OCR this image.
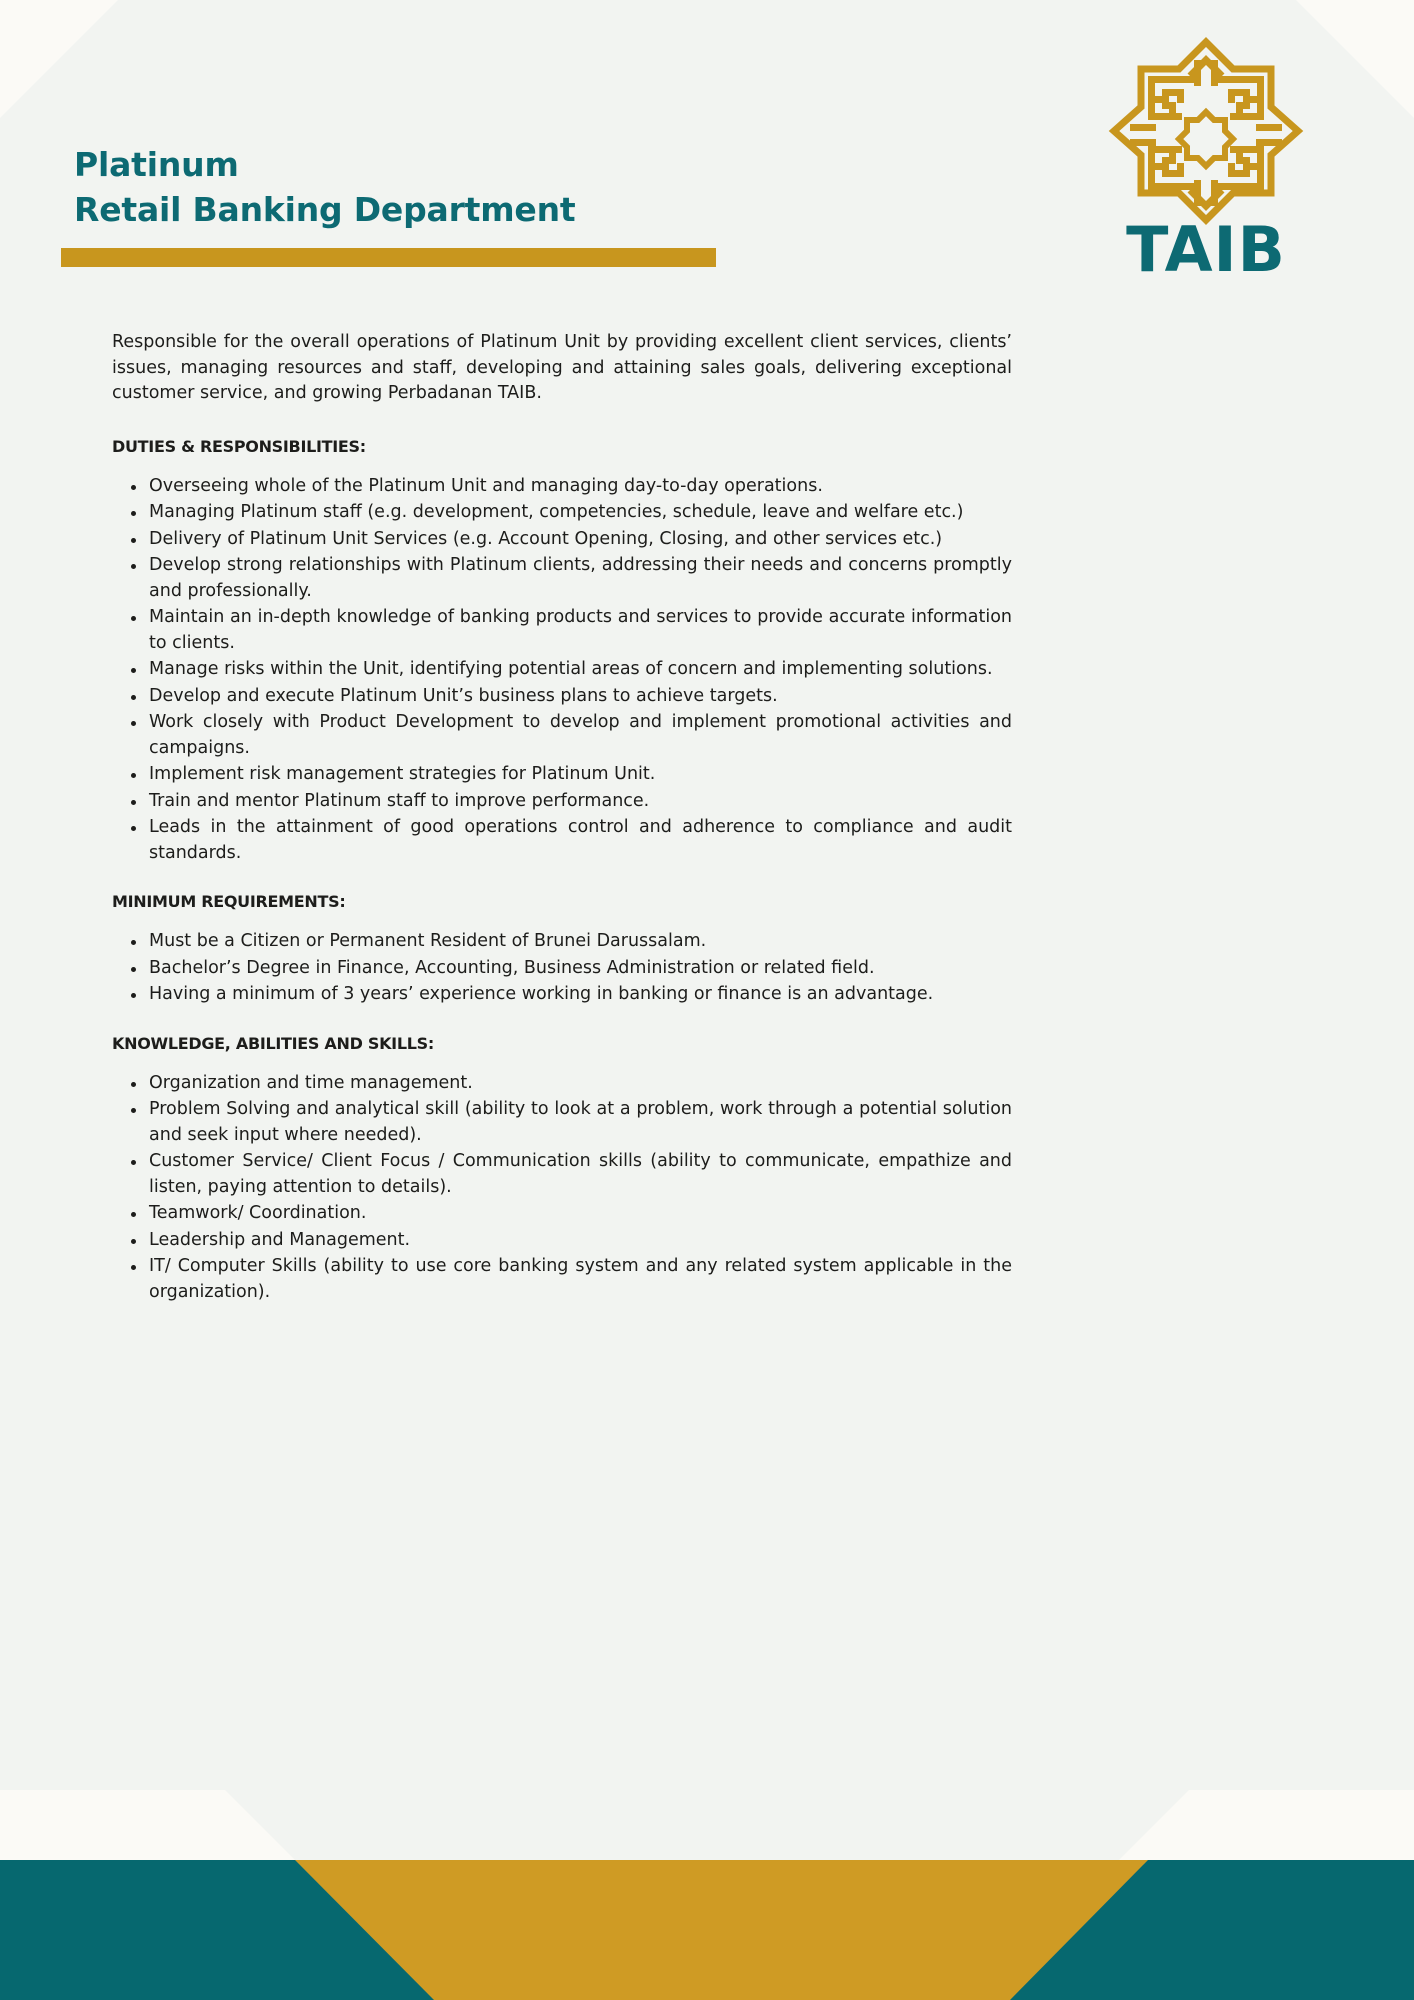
Platinum
Retail Banking Department
TAIB

Responsible for the overall operations of Platinum Unit by providing excellent client services, clients’ issues, managing resources and staff, developing and attaining sales goals, delivering exceptional customer service, and growing Perbadanan TAIB.

DUTIES & RESPONSIBILITIES:
Overseeing whole of the Platinum Unit and managing day-to-day operations.
Managing Platinum staff (e.g. development, competencies, schedule, leave and welfare etc.)
Delivery of Platinum Unit Services (e.g. Account Opening, Closing, and other services etc.)
Develop strong relationships with Platinum clients, addressing their needs and concerns promptly and professionally.
Maintain an in-depth knowledge of banking products and services to provide accurate information to clients.
Manage risks within the Unit, identifying potential areas of concern and implementing solutions.
Develop and execute Platinum Unit’s business plans to achieve targets.
Work closely with Product Development to develop and implement promotional activities and campaigns.
Implement risk management strategies for Platinum Unit.
Train and mentor Platinum staff to improve performance.
Leads in the attainment of good operations control and adherence to compliance and audit standards.
MINIMUM REQUIREMENTS:
Must be a Citizen or Permanent Resident of Brunei Darussalam.
Bachelor’s Degree in Finance, Accounting, Business Administration or related field.
Having a minimum of 3 years’ experience working in banking or finance is an advantage.
KNOWLEDGE, ABILITIES AND SKILLS:
Organization and time management.
Problem Solving and analytical skill (ability to look at a problem, work through a potential solution and seek input where needed).
Customer Service/ Client Focus / Communication skills (ability to communicate, empathize and listen, paying attention to details).
Teamwork/ Coordination.
Leadership and Management.
IT/ Computer Skills (ability to use core banking system and any related system applicable in the organization).
